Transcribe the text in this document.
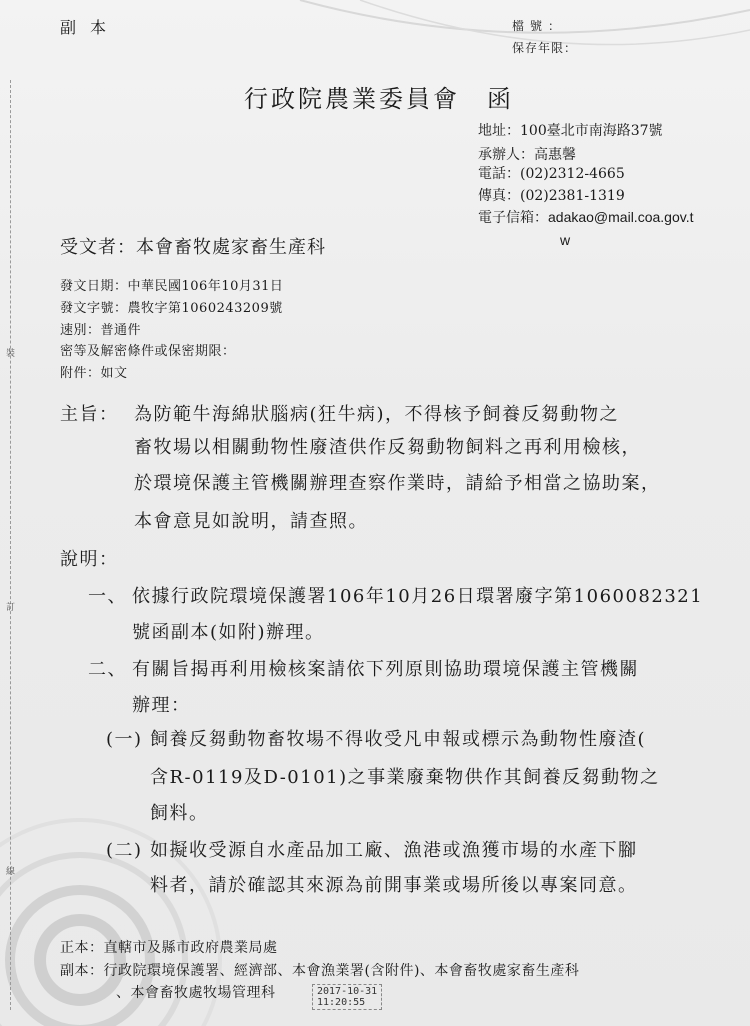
裝
訂
線
副本	檔號：
保存年限：
行政院農業委員會　函
地址：100臺北市南海路37號
承辦人：高惠馨
電話：(02)2312-4665
傳真：(02)2381-1319
電子信箱：adakao@mail.coa.gov.t
w
受文者：本會畜牧處家畜生產科
發文日期：中華民國106年10月31日
發文字號：農牧字第1060243209號
速別：普通件
密等及解密條件或保密期限：
附件：如文
主旨： 為防範牛海綿狀腦病(狂牛病)，不得核予飼養反芻動物之
畜牧場以相關動物性廢渣供作反芻動物飼料之再利用檢核，
於環境保護主管機關辦理查察作業時，請給予相當之協助案，
本會意見如說明，請查照。
說明：
一、 依據行政院環境保護署106年10月26日環署廢字第1060082321
號函副本(如附)辦理。
二、 有關旨揭再利用檢核案請依下列原則協助環境保護主管機關
辦理：
(一) 飼養反芻動物畜牧場不得收受凡申報或標示為動物性廢渣(
含R-0119及D-0101)之事業廢棄物供作其飼養反芻動物之
飼料。
(二) 如擬收受源自水產品加工廠、漁港或漁獲市場的水產下腳
料者，請於確認其來源為前開事業或場所後以專案同意。
正本：直轄市及縣市政府農業局處
副本：行政院環境保護署、經濟部、本會漁業署(含附件)、本會畜牧處家畜生產科
、本會畜牧處牧場管理科	2017-10-31
11:20:55
